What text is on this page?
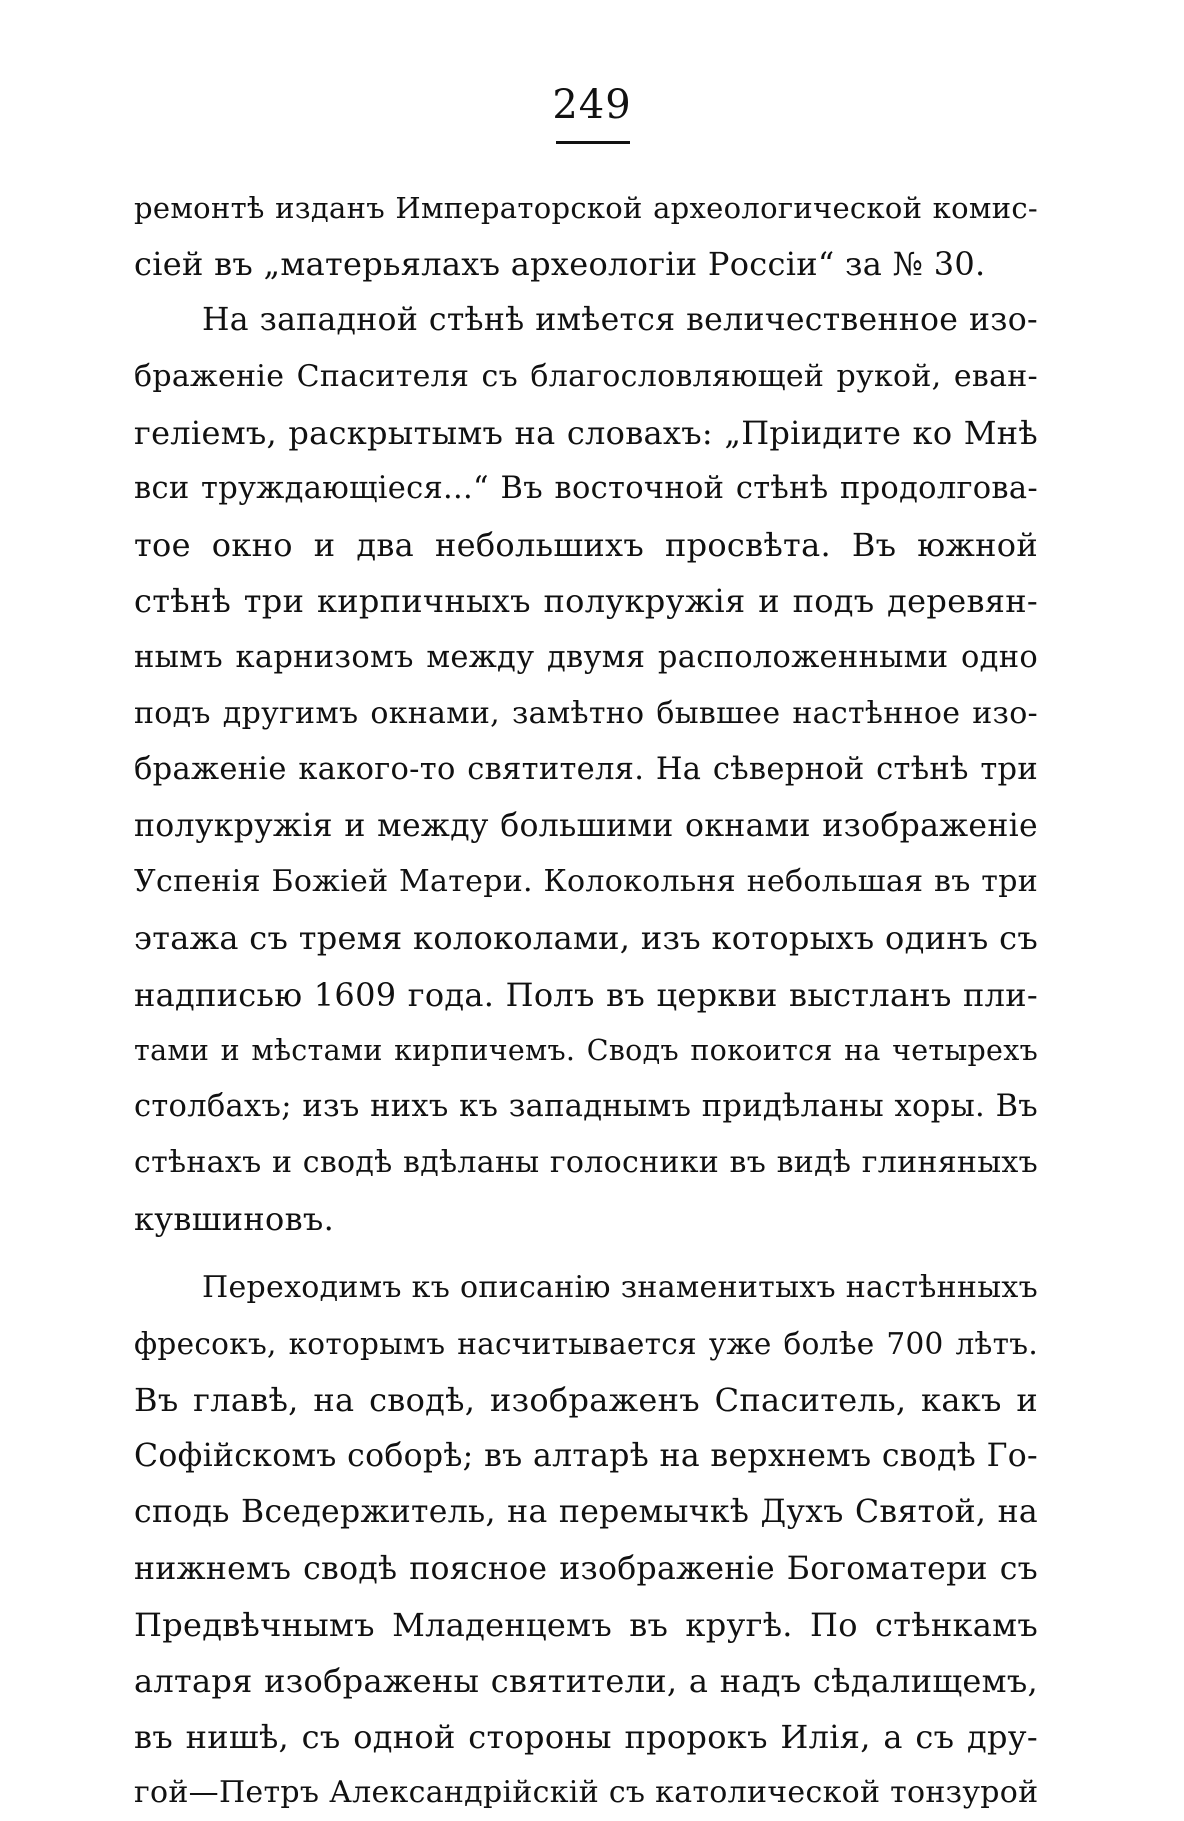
249
ремонтѣ изданъ Императорской археологической комис-
сiей въ „матерьялахъ археологiи Россiи“ за № 30.
На западной стѣнѣ имѣется величественное изо-
браженiе Спасителя съ благословляющей рукой, еван-
гелiемъ, раскрытымъ на словахъ: „Прiидите ко Мнѣ
вси труждающiеся...“ Въ восточной стѣнѣ продолгова-
тое окно и два небольшихъ просвѣта. Въ южной
стѣнѣ три кирпичныхъ полукружiя и подъ деревян-
нымъ карнизомъ между двумя расположенными одно
подъ другимъ окнами, замѣтно бывшее настѣнное изо-
браженiе какого-то святителя. На сѣверной стѣнѣ три
полукружiя и между большими окнами изображенiе
Успенiя Божiей Матери. Колокольня небольшая въ три
этажа съ тремя колоколами, изъ которыхъ одинъ съ
надписью 1609 года. Полъ въ церкви выстланъ пли-
тами и мѣстами кирпичемъ. Сводъ покоится на четырехъ
столбахъ; изъ нихъ къ западнымъ придѣланы хоры. Въ
стѣнахъ и сводѣ вдѣланы голосники въ видѣ глиняныхъ
кувшиновъ.
Переходимъ къ описанiю знаменитыхъ настѣнныхъ
фресокъ, которымъ насчитывается уже болѣе 700 лѣтъ.
Въ главѣ, на сводѣ, изображенъ Спаситель, какъ и
Софiйскомъ соборѣ; въ алтарѣ на верхнемъ сводѣ Го-
сподь Вседержитель, на перемычкѣ Духъ Святой, на
нижнемъ сводѣ поясное изображенiе Богоматери съ
Предвѣчнымъ Младенцемъ въ кругѣ. По стѣнкамъ
алтаря изображены святители, а надъ сѣдалищемъ,
въ нишѣ, съ одной стороны пророкъ Илiя, а съ дру-
гой—Петръ Александрiйскiй съ католической тонзурой
